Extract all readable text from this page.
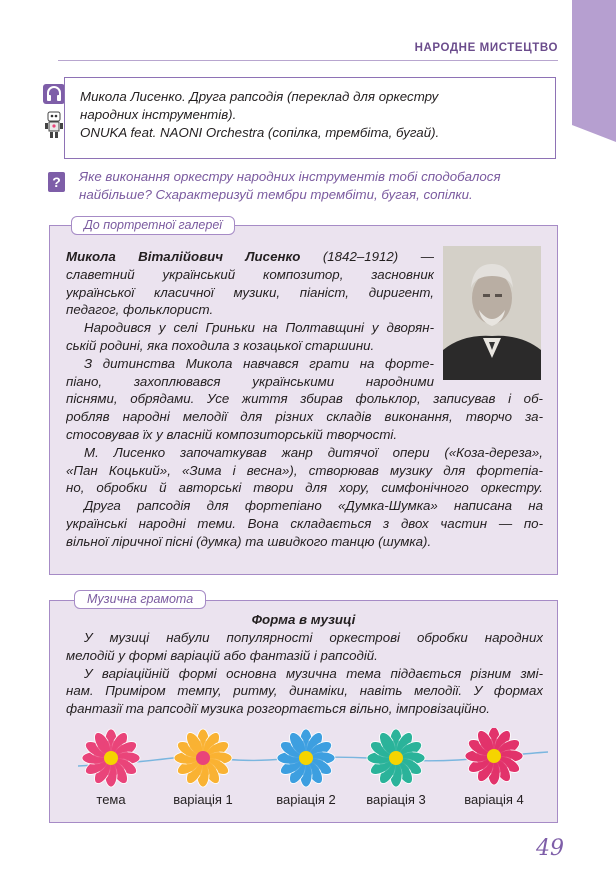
НАРОДНЕ МИСТЕЦТВО
Микола Лисенко. Друга рапсодія (переклад для оркестру
народних інструментів).
ONUKA feat. NAONI Orchestra (сопілка, трембіта, бугай).
?	Яке виконання оркестру народних інструментів тобі сподобалося
найбільше? Схарактеризуй тембри трембіти, бугая, сопілки.
До портретної галереї
Микола Віталійович Лисенко (1842–1912) —
славетний український композитор, засновник
української класичної музики, піаніст, диригент,
педагог, фольклорист.
Народився у селі Гриньки на Полтавщині у дворян-
ській родині, яка походила з козацької старшини.
З дитинства Микола навчався грати на форте-
піано, захоплювався українськими народними
піснями, обрядами. Усе життя збирав фольклор, записував і об-
робляв народні мелодії для різних складів виконання, творчо за-
стосовував їх у власній композиторській творчості.
М. Лисенко започаткував жанр дитячої опери («Коза-дереза»,
«Пан Коцький», «Зима і весна»), створював музику для фортепіа-
но, обробки й авторські твори для хору, симфонічного оркестру.
Друга рапсодія для фортепіано «Думка-Шумка» написана на
українські народні теми. Вона складається з двох частин — по-
вільної ліричної пісні (думка) та швидкого танцю (шумка).
Музична грамота
Форма в музиці
У музиці набули популярності оркестрові обробки народних
мелодій у формі варіацій або фантазій і рапсодій.
У варіаційній формі основна музична тема піддається різним змі-
нам. Приміром темпу, ритму, динаміки, навіть мелодії. У формах
фантазії та рапсодії музика розгортається вільно, імпровізаційно.
тема	варіація 1	варіація 2 варіація 3	варіація 4
49
